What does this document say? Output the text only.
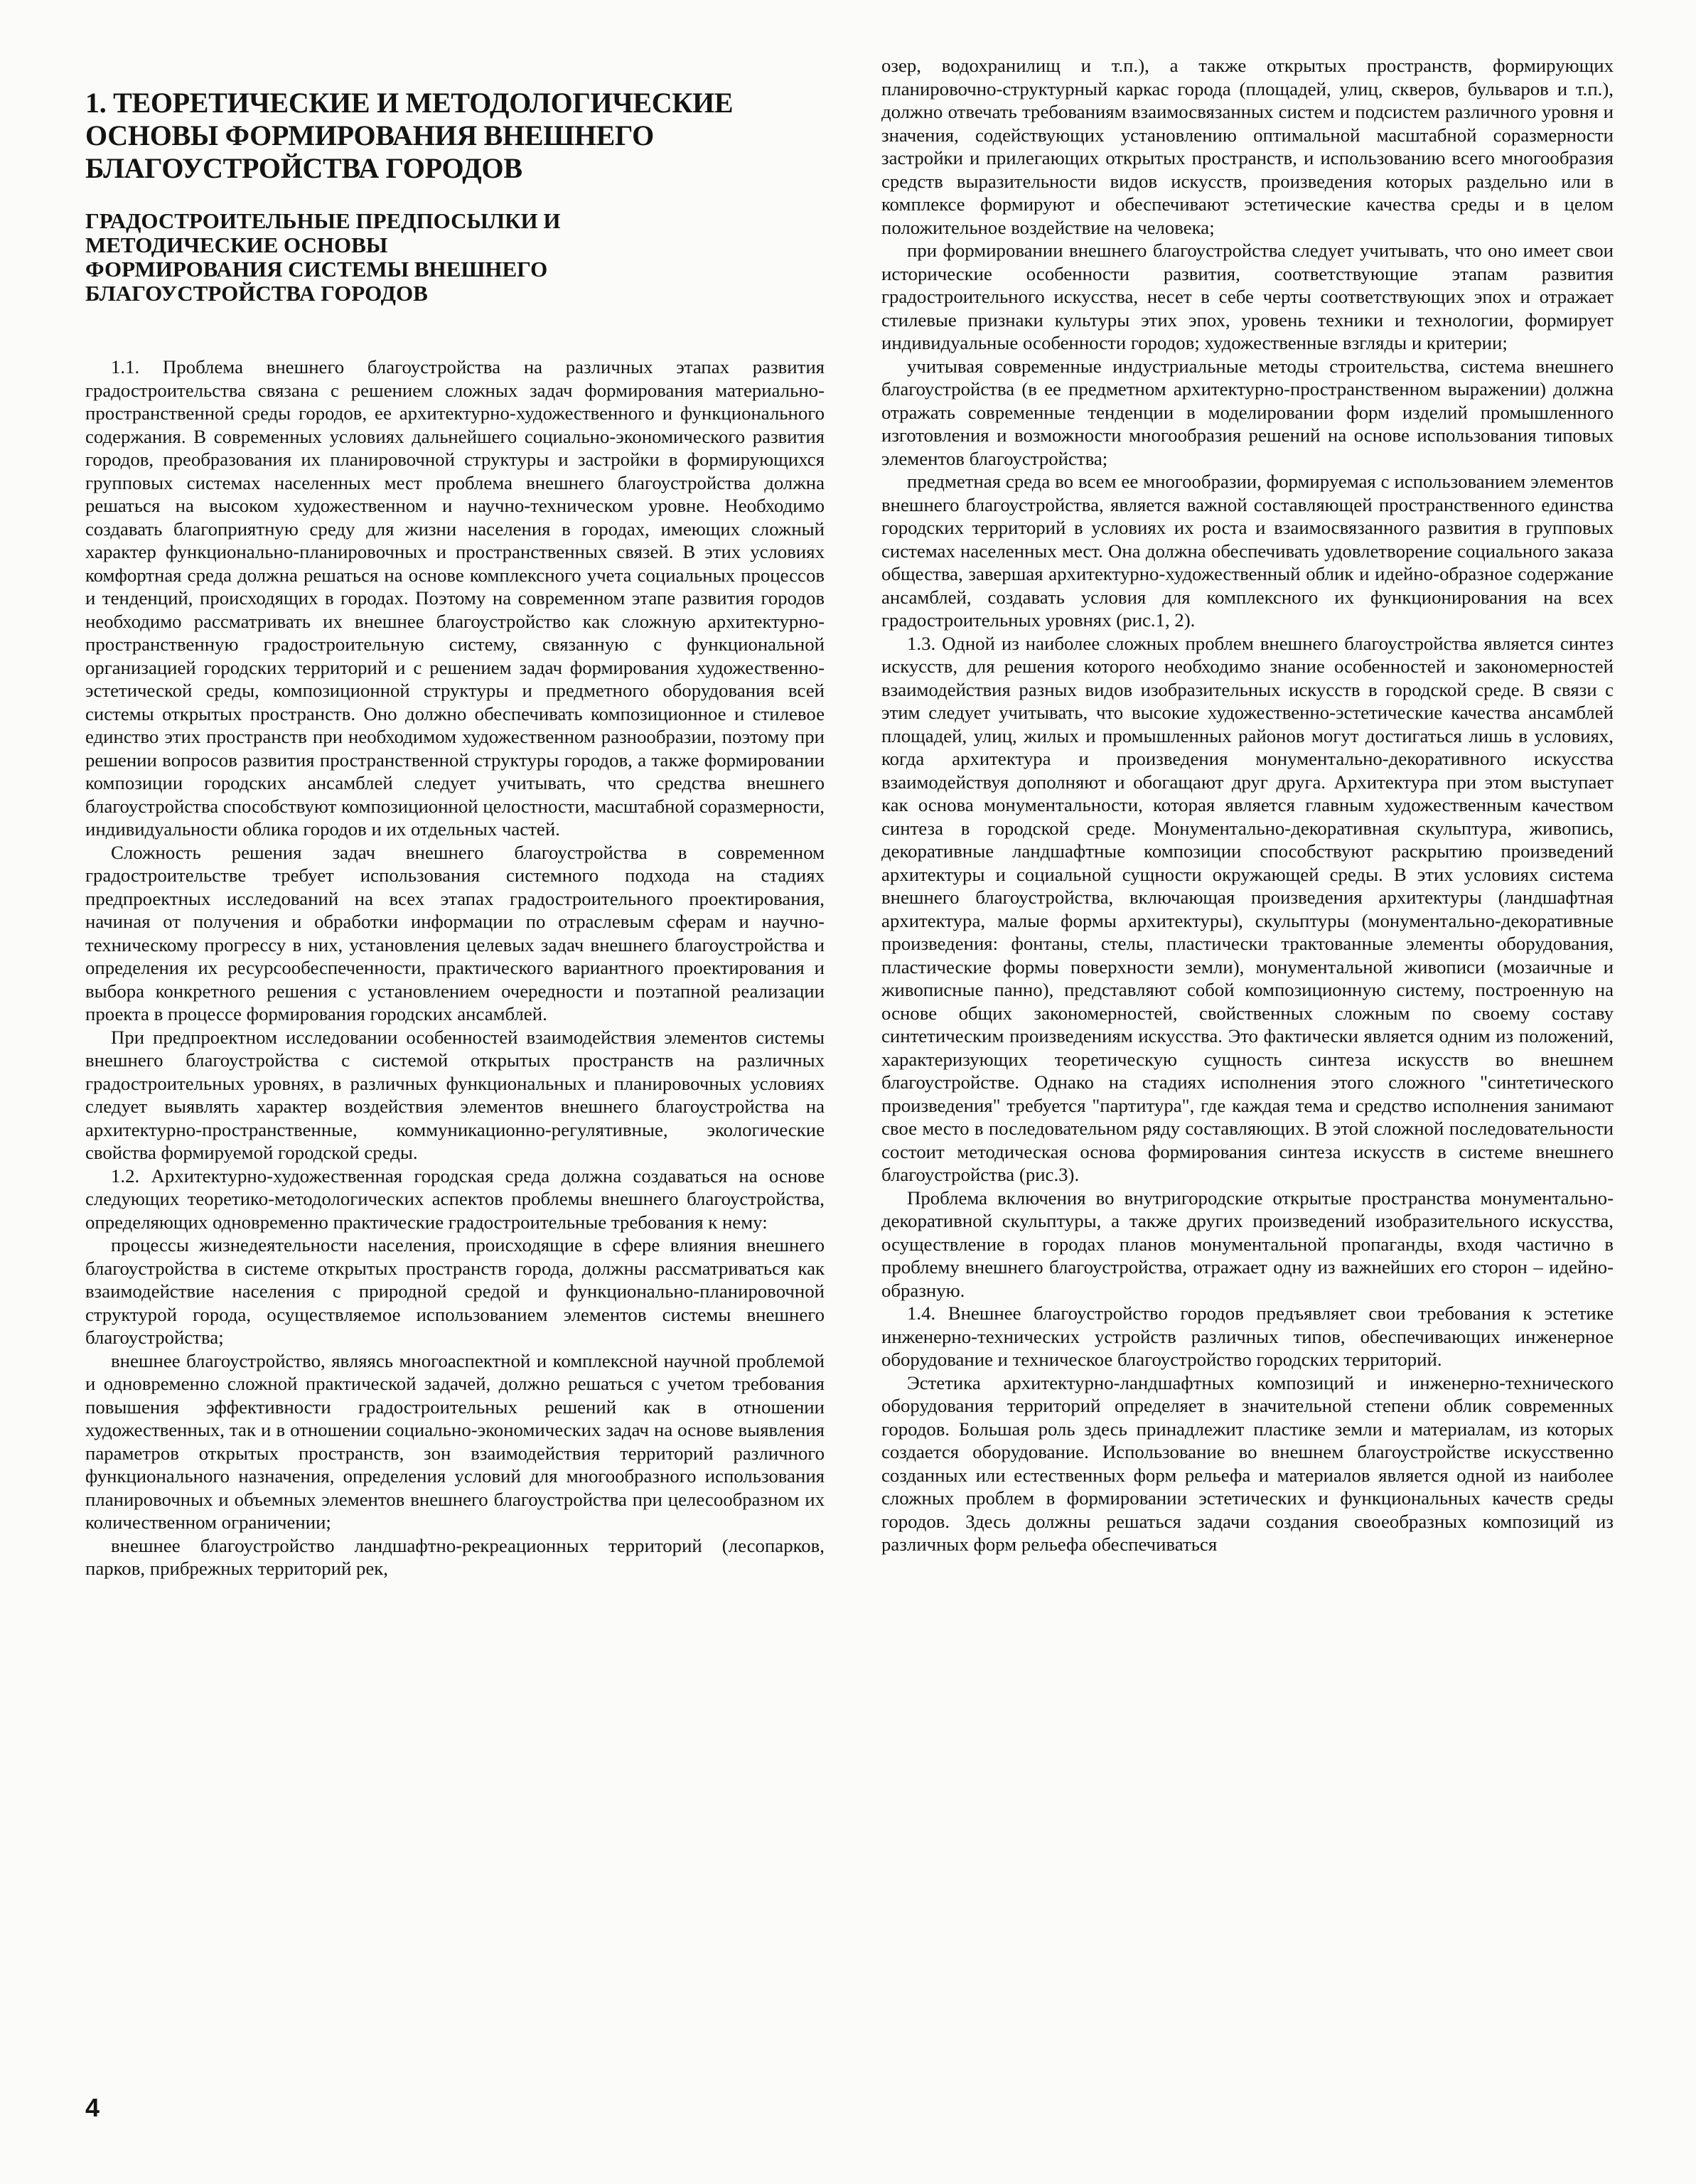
1. ТЕОРЕТИЧЕСКИЕ И МЕТОДОЛОГИЧЕСКИЕ ОСНОВЫ ФОРМИРОВАНИЯ ВНЕШНЕГО БЛАГОУСТРОЙСТВА ГОРОДОВ
ГРАДОСТРОИТЕЛЬНЫЕ ПРЕДПОСЫЛКИ И МЕТОДИЧЕСКИЕ ОСНОВЫ ФОРМИРОВАНИЯ СИСТЕМЫ ВНЕШНЕГО БЛАГОУСТРОЙСТВА ГОРОДОВ

1.1. Проблема внешнего благоустройства на различных этапах развития градостроительства связана с решением сложных задач формирования материально-пространственной среды городов, ее архитектурно-художественного и функционального содержания. В современных условиях дальнейшего социально-экономического развития городов, преобразования их планировочной структуры и застройки в формирующихся групповых системах населенных мест проблема внешнего благоустройства должна решаться на высоком художественном и научно-техническом уровне. Необходимо создавать благоприятную среду для жизни населения в городах, имеющих сложный характер функционально-планировочных и пространственных связей. В этих условиях комфортная среда должна решаться на основе комплексного учета социальных процессов и тенденций, происходящих в городах. Поэтому на современном этапе развития городов необходимо рассматривать их внешнее благоустройство как сложную архитектурно-пространственную градостроительную систему, связанную с функциональной организацией городских территорий и с решением задач формирования художественно-эстетической среды, композиционной структуры и предметного оборудования всей системы открытых пространств. Оно должно обеспечивать композиционное и стилевое единство этих пространств при необходимом художественном разнообразии, поэтому при решении вопросов развития пространственной структуры городов, а также формировании композиции городских ансамблей следует учитывать, что средства внешнего благоустройства способствуют композиционной целостности, масштабной соразмерности, индивидуальности облика городов и их отдельных частей.

Сложность решения задач внешнего благоустройства в современном градостроительстве требует использования системного подхода на стадиях предпроектных исследований на всех этапах градостроительного проектирования, начиная от получения и обработки информации по отраслевым сферам и научно-техническому прогрессу в них, установления целевых задач внешнего благоустройства и определения их ресурсообеспеченности, практического вариантного проектирования и выбора конкретного решения с установлением очередности и поэтапной реализации проекта в процессе формирования городских ансамблей.

При предпроектном исследовании особенностей взаимодействия элементов системы внешнего благоустройства с системой открытых пространств на различных градостроительных уровнях, в различных функциональных и планировочных условиях следует выявлять характер воздействия элементов внешнего благоустройства на архитектурно-пространственные, коммуникационно-регулятивные, экологические свойства формируемой городской среды.

1.2. Архитектурно-художественная городская среда должна создаваться на основе следующих теоретико-методологических аспектов проблемы внешнего благоустройства, определяющих одновременно практические градостроительные требования к нему:

процессы жизнедеятельности населения, происходящие в сфере влияния внешнего благоустройства в системе открытых пространств города, должны рассматриваться как взаимодействие населения с природной средой и функционально-планировочной структурой города, осуществляемое использованием элементов системы внешнего благоустройства;

внешнее благоустройство, являясь многоаспектной и комплексной научной проблемой и одновременно сложной практической задачей, должно решаться с учетом требования повышения эффективности градостроительных решений как в отношении художественных, так и в отношении социально-экономических задач на основе выявления параметров открытых пространств, зон взаимодействия территорий различного функционального назначения, определения условий для многообразного использования планировочных и объемных элементов внешнего благоустройства при целесообразном их количественном ограничении;

внешнее благоустройство ландшафтно-рекреационных территорий (лесопарков, парков, прибрежных территорий рек,

озер, водохранилищ и т.п.), а также открытых пространств, формирующих планировочно-структурный каркас города (площадей, улиц, скверов, бульваров и т.п.), должно отвечать требованиям взаимосвязанных систем и подсистем различного уровня и значения, содействующих установлению оптимальной масштабной соразмерности застройки и прилегающих открытых пространств, и использованию всего многообразия средств выразительности видов искусств, произведения которых раздельно или в комплексе формируют и обеспечивают эстетические качества среды и в целом положительное воздействие на человека;

при формировании внешнего благоустройства следует учитывать, что оно имеет свои исторические особенности развития, соответствующие этапам развития градостроительного искусства, несет в себе черты соответствующих эпох и отражает стилевые признаки культуры этих эпох, уровень техники и технологии, формирует индивидуальные особенности городов; художественные взгляды и критерии;

учитывая современные индустриальные методы строительства, система внешнего благоустройства (в ее предметном архитектурно-пространственном выражении) должна отражать современные тенденции в моделировании форм изделий промышленного изготовления и возможности многообразия решений на основе использования типовых элементов благоустройства;

предметная среда во всем ее многообразии, формируемая с использованием элементов внешнего благоустройства, является важной составляющей пространственного единства городских территорий в условиях их роста и взаимосвязанного развития в групповых системах населенных мест. Она должна обеспечивать удовлетворение социального заказа общества, завершая архитектурно-художественный облик и идейно-образное содержание ансамблей, создавать условия для комплексного их функционирования на всех градостроительных уровнях (рис.1, 2).

1.3. Одной из наиболее сложных проблем внешнего благоустройства является синтез искусств, для решения которого необходимо знание особенностей и закономерностей взаимодействия разных видов изобразительных искусств в городской среде. В связи с этим следует учитывать, что высокие художественно-эстетические качества ансамблей площадей, улиц, жилых и промышленных районов могут достигаться лишь в условиях, когда архитектура и произведения монументально-декоративного искусства взаимодействуя дополняют и обогащают друг друга. Архитектура при этом выступает как основа монументальности, которая является главным художественным качеством синтеза в городской среде. Монументально-декоративная скульптура, живопись, декоративные ландшафтные композиции способствуют раскрытию произведений архитектуры и социальной сущности окружающей среды. В этих условиях система внешнего благоустройства, включающая произведения архитектуры (ландшафтная архитектура, малые формы архитектуры), скульптуры (монументально-декоративные произведения: фонтаны, стелы, пластически трактованные элементы оборудования, пластические формы поверхности земли), монументальной живописи (мозаичные и живописные панно), представляют собой композиционную систему, построенную на основе общих закономерностей, свойственных сложным по своему составу синтетическим произведениям искусства. Это фактически является одним из положений, характеризующих теоретическую сущность синтеза искусств во внешнем благоустройстве. Однако на стадиях исполнения этого сложного "синтетического произведения" требуется "партитура", где каждая тема и средство исполнения занимают свое место в последовательном ряду составляющих. В этой сложной последовательности состоит методическая основа формирования синтеза искусств в системе внешнего благоустройства (рис.3).

Проблема включения во внутригородские открытые пространства монументально-декоративной скульптуры, а также других произведений изобразительного искусства, осуществление в городах планов монументальной пропаганды, входя частично в проблему внешнего благоустройства, отражает одну из важнейших его сторон – идейно-образную.

1.4. Внешнее благоустройство городов предъявляет свои требования к эстетике инженерно-технических устройств различных типов, обеспечивающих инженерное оборудование и техническое благоустройство городских территорий.

Эстетика архитектурно-ландшафтных композиций и инженерно-технического оборудования территорий определяет в значительной степени облик современных городов. Большая роль здесь принадлежит пластике земли и материалам, из которых создается оборудование. Использование во внешнем благоустройстве искусственно созданных или естественных форм рельефа и материалов является одной из наиболее сложных проблем в формировании эстетических и функциональных качеств среды городов. Здесь должны решаться задачи создания своеобразных композиций из различных форм рельефа обеспечиваться

4
